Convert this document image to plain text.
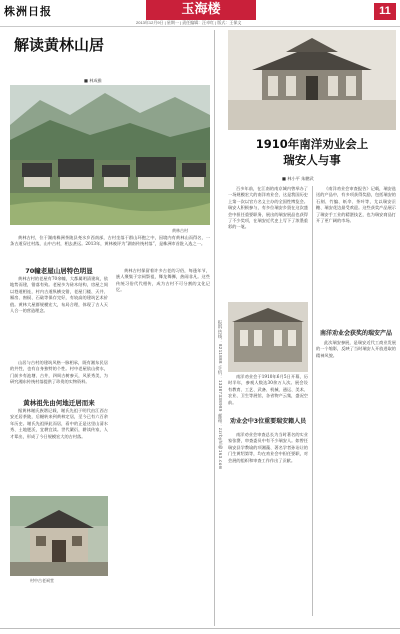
株洲日报	玉海楼
2013年12月9日 | 星期一 | 责任编辑：汪卓红 | 版式：王保文
11
解读黄林山居
■ 林成雅
黄林古村

黄林古村，位于湖南株洲茶陵县尧水乡西南部，古村坐落于群山环抱之中，因境内有黄林山而得名，一条古道穿过村落，山中古村，相去甚远。2013年，黄林被评为“湖南传统村落”，是株洲市首批入选之一。

70幢老屋山居特色明显

黄林古村的老屋有70余幢，大都属明清建筑，依地势而建，错落有致。老屋多为砖木结构，房屋之间以巷道相连，村内古道纵横交错，老屋门楼、天井、厢房、窗棂、石础等保存完好，有较高的建筑艺术价值。黄林大屋群规模宏大，布局合理，体现了古人天人合一的营造理念。

山居与古村的建筑风格一脉相承，既有湘东民居的共性，也有自身独特的个性。村中老屋依山傍水，门前多有池塘、古井，四周古树参天，风景秀美，为研究湘东传统村落提供了珍贵的实物资料。

黄林祖先由何地迁居而来

据黄林谢氏族谱记载，谢氏先祖于明代由江西吉安迁居茶陵，后辗转来到黄林定居，至今已有六百余年历史。谢氏先祖择此而居，看中的正是这里山清水秀、土地肥沃，宜耕宜读。世代繁衍，耕读传家，人才辈出，形成了今日规模宏大的古村落。

村中古老祠堂

黄林古村保留着许多古老的习俗，每逢年节，族人聚集于宗祠祭祖，舞龙舞狮，热闹非凡。这些传统习俗代代相传，成为古村不可分割的文化记忆。

报料热线：8211888 手机：13387338989 邮箱：zzrbyhl@163.com
1910年南洋劝业会上
瑞安人与事
■ 林小平 朱鹏武

百多年前，在江南的南京城内曾举办了一场规模宏大的南洋劝业会，这是我国历史上第一次以官方名义主办的全国性博览会。瑞安人积极参与，有多位瑞安乡贤在这次盛会中担任重要职务，展出的瑞安展品也获得了不少奖项，在瑞安近代史上写下了浓墨重彩的一笔。

南洋劝业会于1910年6月5日开幕，历时半年，参观人数达30余万人次。展会设有教育、工艺、武备、机械、通运、美术、农业、卫生等展馆，各省物产云集，盛况空前。

劝业会中3位重要瑞安籍人员

南洋劝业会审查总长为当时著名的实业家张謇，审查委员中有不少瑞安人。如曾任瑞安县学教谕的项湘藻、著名学者孙诒让的门生黄绍第等，均在劝业会中担任要职，对会展的组织和审查工作作出了贡献。

《南洋劝业会审查报告》记载，瑞安选送的产品中，有多项获得奖励，包括瑞安的石刻、竹编、纸伞、茶叶等，尤以瑞安贡糖、瑞安花边最受欢迎。这些获奖产品展示了瑞安手工业的精湛技艺，也为瑞安商品打开了更广阔的市场。

南洋劝业会获奖的瑞安产品

此次瑞安参展，是瑞安近代工商业发展的一个缩影，反映了当时瑞安人开放进取的精神风貌。
